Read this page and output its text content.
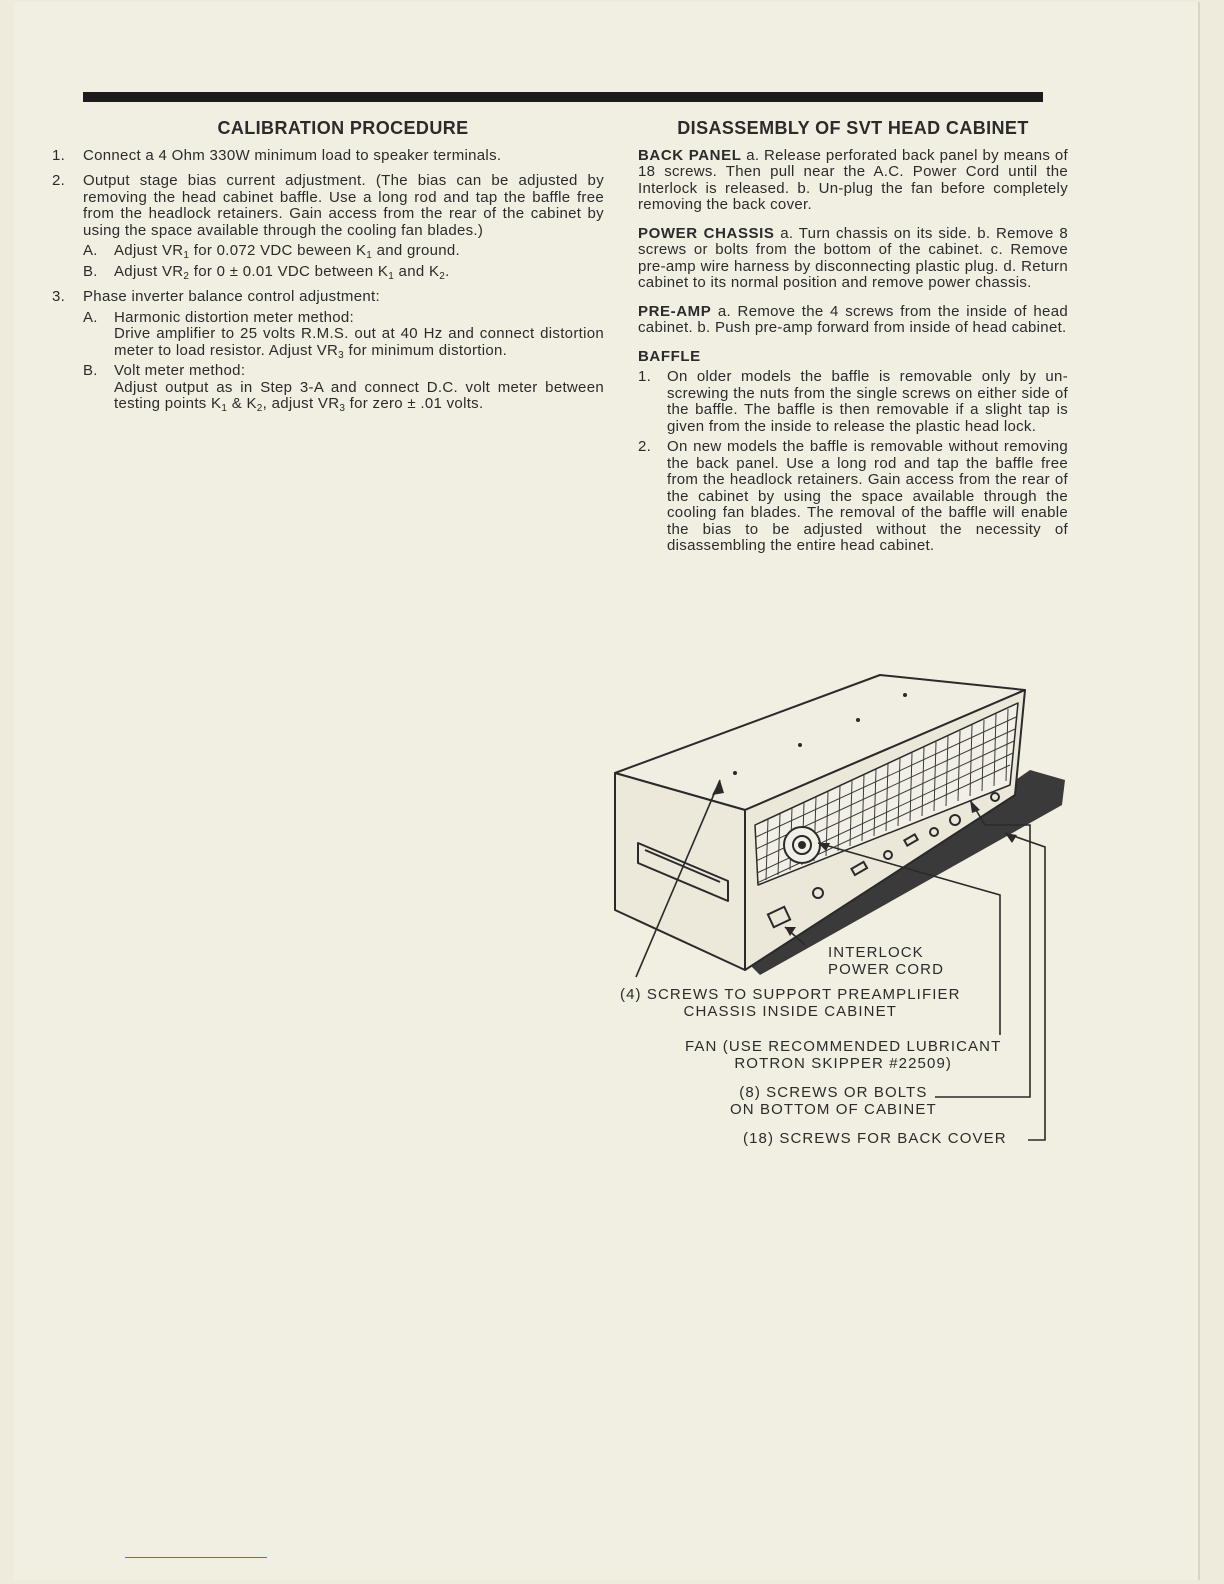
CALIBRATION PROCEDURE
1.	Connect a 4 Ohm 330W minimum load to speaker terminals.
2.	Output stage bias current adjustment. (The bias can be adjusted by removing the head cabinet baffle. Use a long rod and tap the baffle free from the headlock retainers. Gain access from the rear of the cabinet by using the space available through the cooling fan blades.)
A.	Adjust $VR_1$ for 0.072 VDC beween $K_1$ and ground.
B.	Adjust $VR_2$ for 0 ± 0.01 VDC between $K_1$ and $K_2$.
3.	Phase inverter balance control adjustment:
A.	Harmonic distortion meter method:
Drive amplifier to 25 volts R.M.S. out at 40 Hz and connect distortion meter to load resistor. Adjust $VR_3$ for minimum distortion.
B.	Volt meter method:
Adjust output as in Step 3-A and connect D.C. volt meter between testing points $K_1$ & $K_2$, adjust $VR_3$ for zero ± .01 volts.
DISASSEMBLY OF SVT HEAD CABINET

BACK PANEL a. Release perforated back panel by means of 18 screws. Then pull near the A.C. Power Cord until the Interlock is released. b. Un-plug the fan before completely removing the back cover.

POWER CHASSIS a. Turn chassis on its side. b. Remove 8 screws or bolts from the bottom of the cabinet. c. Remove pre-amp wire harness by disconnecting plastic plug. d. Return cabinet to its normal position and remove power chassis.

PRE-AMP a. Remove the 4 screws from the inside of head cabinet. b. Push pre-amp forward from inside of head cabinet.

BAFFLE
1.	On older models the baffle is removable only by un-screwing the nuts from the single screws on either side of the baffle. The baffle is then removable if a slight tap is given from the inside to release the plastic head lock.
2.	On new models the baffle is removable without removing the back panel. Use a long rod and tap the baffle free from the headlock retainers. Gain access from the rear of the cabinet by using the space available through the cooling fan blades. The removal of the baffle will enable the bias to be adjusted without the necessity of disassembling the entire head cabinet.
INTERLOCK
POWER CORD
(4) SCREWS TO SUPPORT PREAMPLIFIER
CHASSIS INSIDE CABINET
FAN (USE RECOMMENDED LUBRICANT
ROTRON SKIPPER #22509)
(8) SCREWS OR BOLTS
ON BOTTOM OF CABINET
(18) SCREWS FOR BACK COVER
